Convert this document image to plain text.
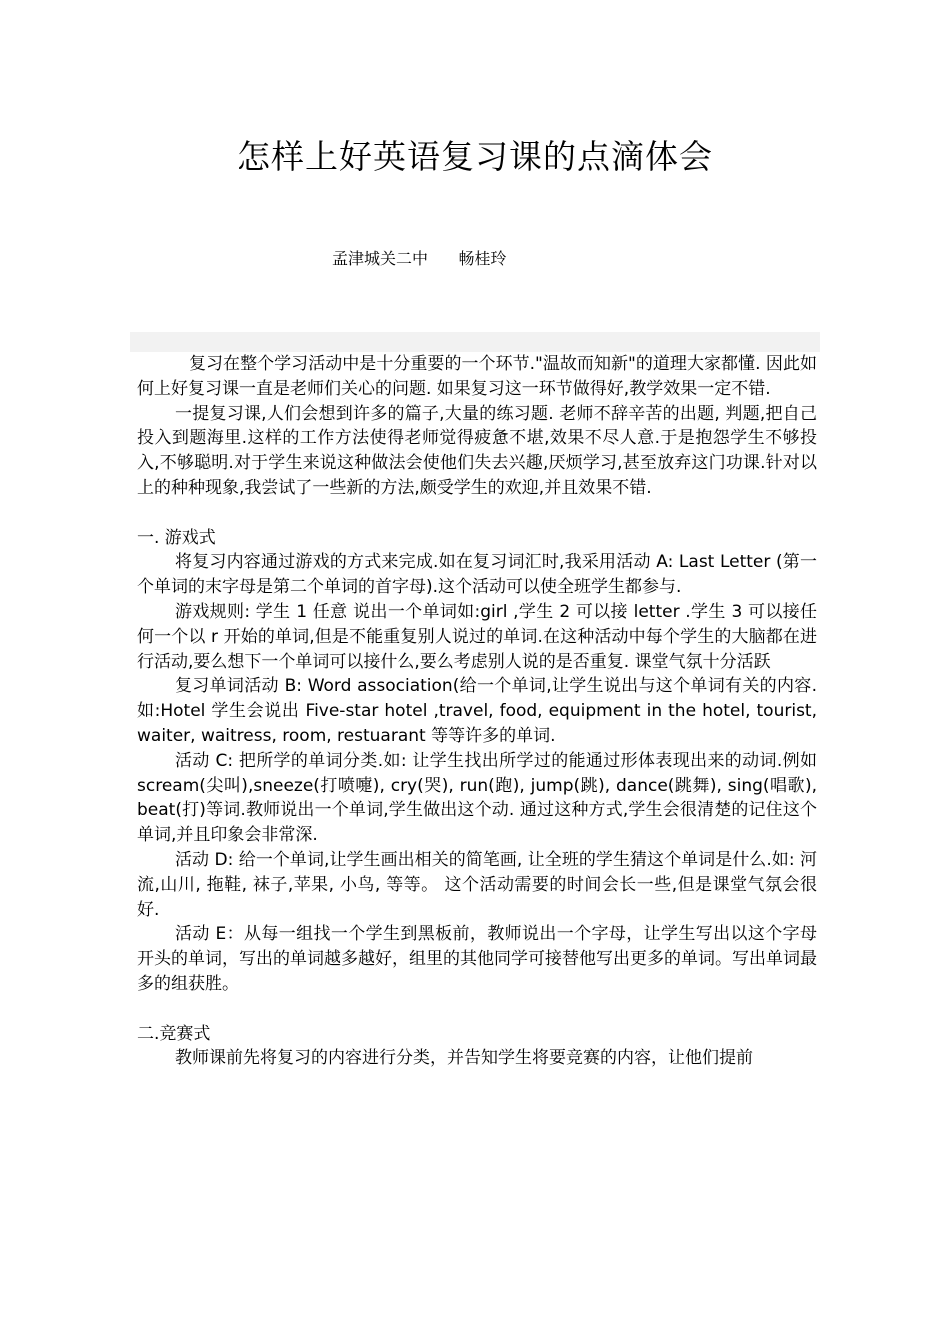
怎样上好英语复习课的点滴体会
孟津城关二中      畅桂玲

复习在整个学习活动中是十分重要的一个环节."温故而知新"的道理大家都懂. 因此如何上好复习课一直是老师们关心的问题. 如果复习这一环节做得好,教学效果一定不错.

一提复习课,人们会想到许多的篇子,大量的练习题. 老师不辞辛苦的出题, 判题,把自己投入到题海里.这样的工作方法使得老师觉得疲惫不堪,效果不尽人意.于是抱怨学生不够投入,不够聪明.对于学生来说这种做法会使他们失去兴趣,厌烦学习,甚至放弃这门功课.针对以上的种种现象,我尝试了一些新的方法,颇受学生的欢迎,并且效果不错.

一. 游戏式

将复习内容通过游戏的方式来完成.如在复习词汇时,我采用活动 A: Last Letter (第一个单词的末字母是第二个单词的首字母).这个活动可以使全班学生都参与.

游戏规则: 学生 1 任意 说出一个单词如:girl ,学生 2 可以接 letter .学生 3 可以接任何一个以 r 开始的单词,但是不能重复别人说过的单词.在这种活动中每个学生的大脑都在进行活动,要么想下一个单词可以接什么,要么考虑别人说的是否重复. 课堂气氛十分活跃

复习单词活动 B: Word association(给一个单词,让学生说出与这个单词有关的内容. 如:Hotel 学生会说出 Five-star hotel ,travel, food, equipment in the hotel, tourist, waiter, waitress, room, restuarant 等等许多的单词.

活动 C: 把所学的单词分类.如: 让学生找出所学过的能通过形体表现出来的动词.例如 scream(尖叫),sneeze(打喷嚏), cry(哭), run(跑), jump(跳), dance(跳舞), sing(唱歌), beat(打)等词.教师说出一个单词,学生做出这个动. 通过这种方式,学生会很清楚的记住这个单词,并且印象会非常深.

活动 D: 给一个单词,让学生画出相关的简笔画, 让全班的学生猜这个单词是什么.如: 河流,山川, 拖鞋, 袜子,苹果, 小鸟, 等等。 这个活动需要的时间会长一些,但是课堂气氛会很好.

活动 E：从每一组找一个学生到黑板前，教师说出一个字母，让学生写出以这个字母开头的单词，写出的单词越多越好，组里的其他同学可接替他写出更多的单词。写出单词最多的组获胜。

二.竞赛式

教师课前先将复习的内容进行分类，并告知学生将要竞赛的内容，让他们提前
